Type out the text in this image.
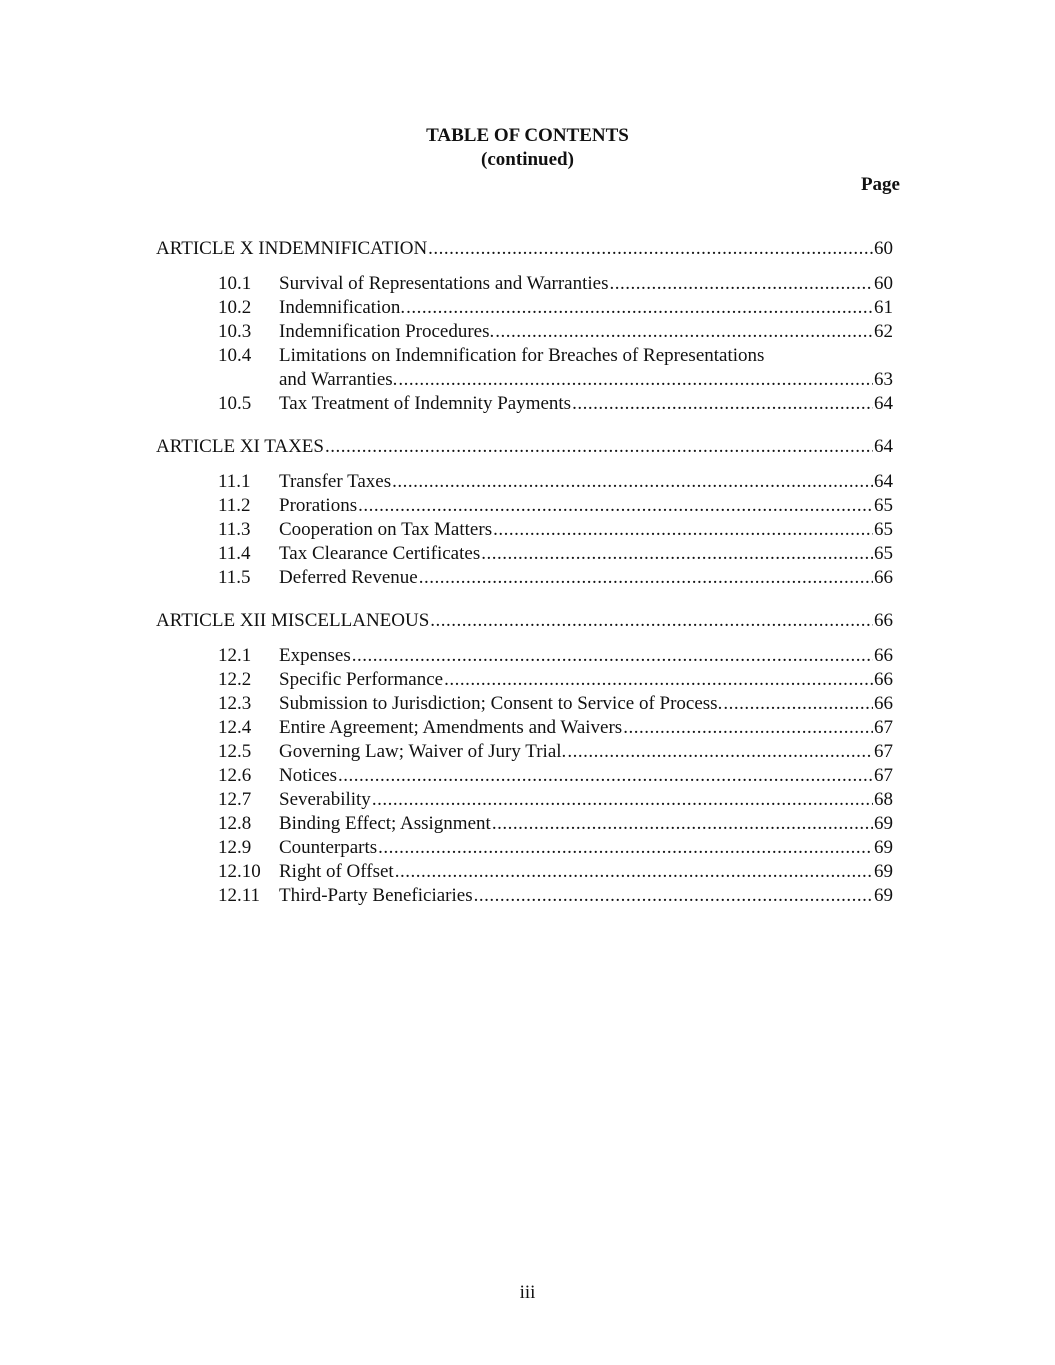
TABLE OF CONTENTS
(continued)
Page
ARTICLE X INDEMNIFICATION .....	60
10.1	Survival of Representations and Warranties .....	60
10.2	Indemnification. .....	61
10.3	Indemnification Procedures. .....	62
10.4	Limitations on Indemnification for Breaches of Representations
and Warranties. .....	63
10.5	Tax Treatment of Indemnity Payments .....	64
ARTICLE XI TAXES .....	64
11.1	Transfer Taxes .....	64
11.2	Prorations .....	65
11.3	Cooperation on Tax Matters .....	65
11.4	Tax Clearance Certificates .....	65
11.5	Deferred Revenue .....	66
ARTICLE XII MISCELLANEOUS .....	66
12.1	Expenses .....	66
12.2	Specific Performance .....	66
12.3	Submission to Jurisdiction; Consent to Service of Process. .....	66
12.4	Entire Agreement; Amendments and Waivers .....	67
12.5	Governing Law; Waiver of Jury Trial. .....	67
12.6	Notices .....	67
12.7	Severability .....	68
12.8	Binding Effect; Assignment .....	69
12.9	Counterparts .....	69
12.10 Right of Offset .....	69
12.11 Third-Party Beneficiaries .....	69
iii
